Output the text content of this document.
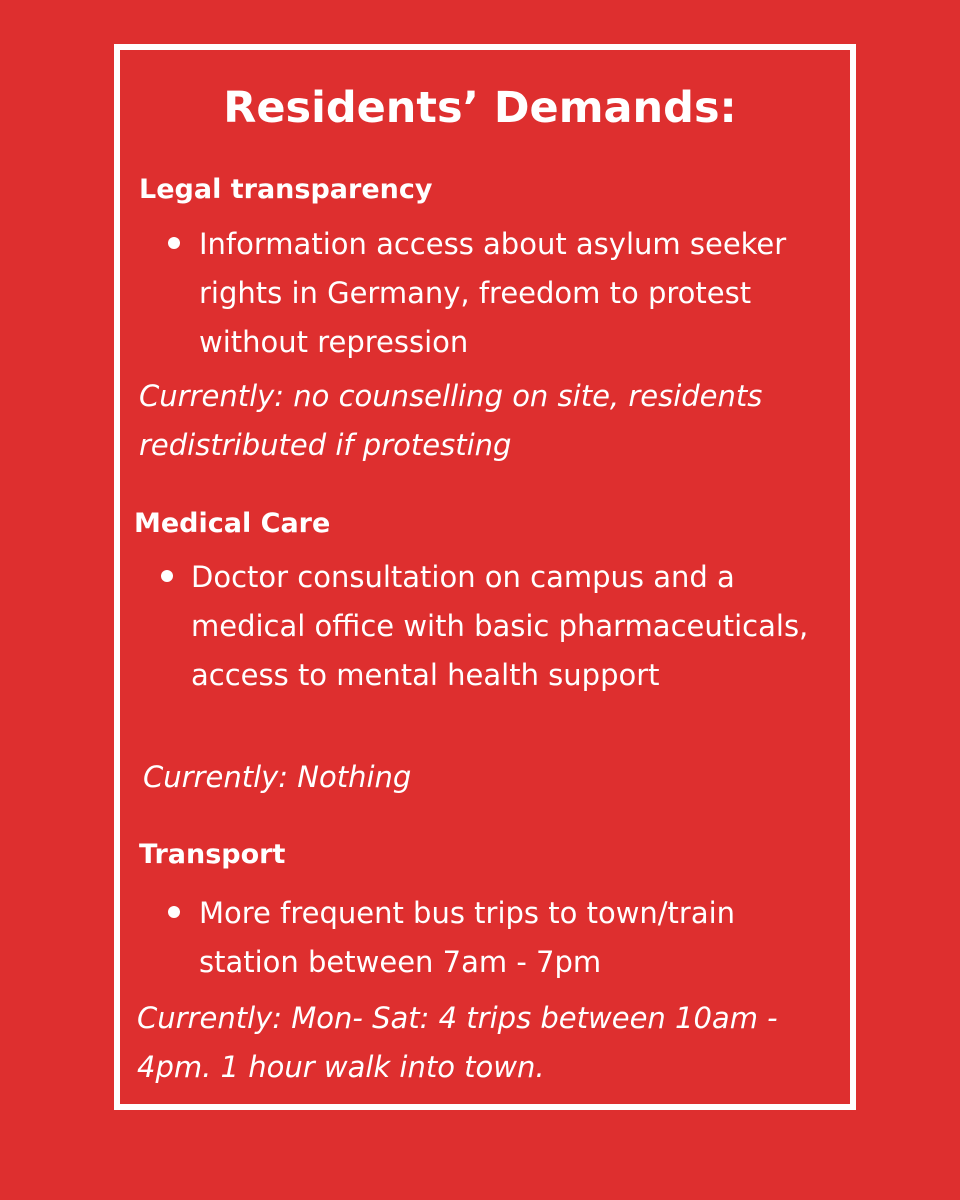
Residents’ Demands:
Legal transparency

Information access about asylum seeker rights in Germany, freedom to protest without repression

Currently: no counselling on site, residents redistributed if protesting

Medical Care

Doctor consultation on campus and a medical office with basic pharmaceuticals, access to mental health support

Currently: Nothing

Transport

More frequent bus trips to town/train station between 7am - 7pm

Currently: Mon- Sat: 4 trips between 10am - 4pm. 1 hour walk into town.
